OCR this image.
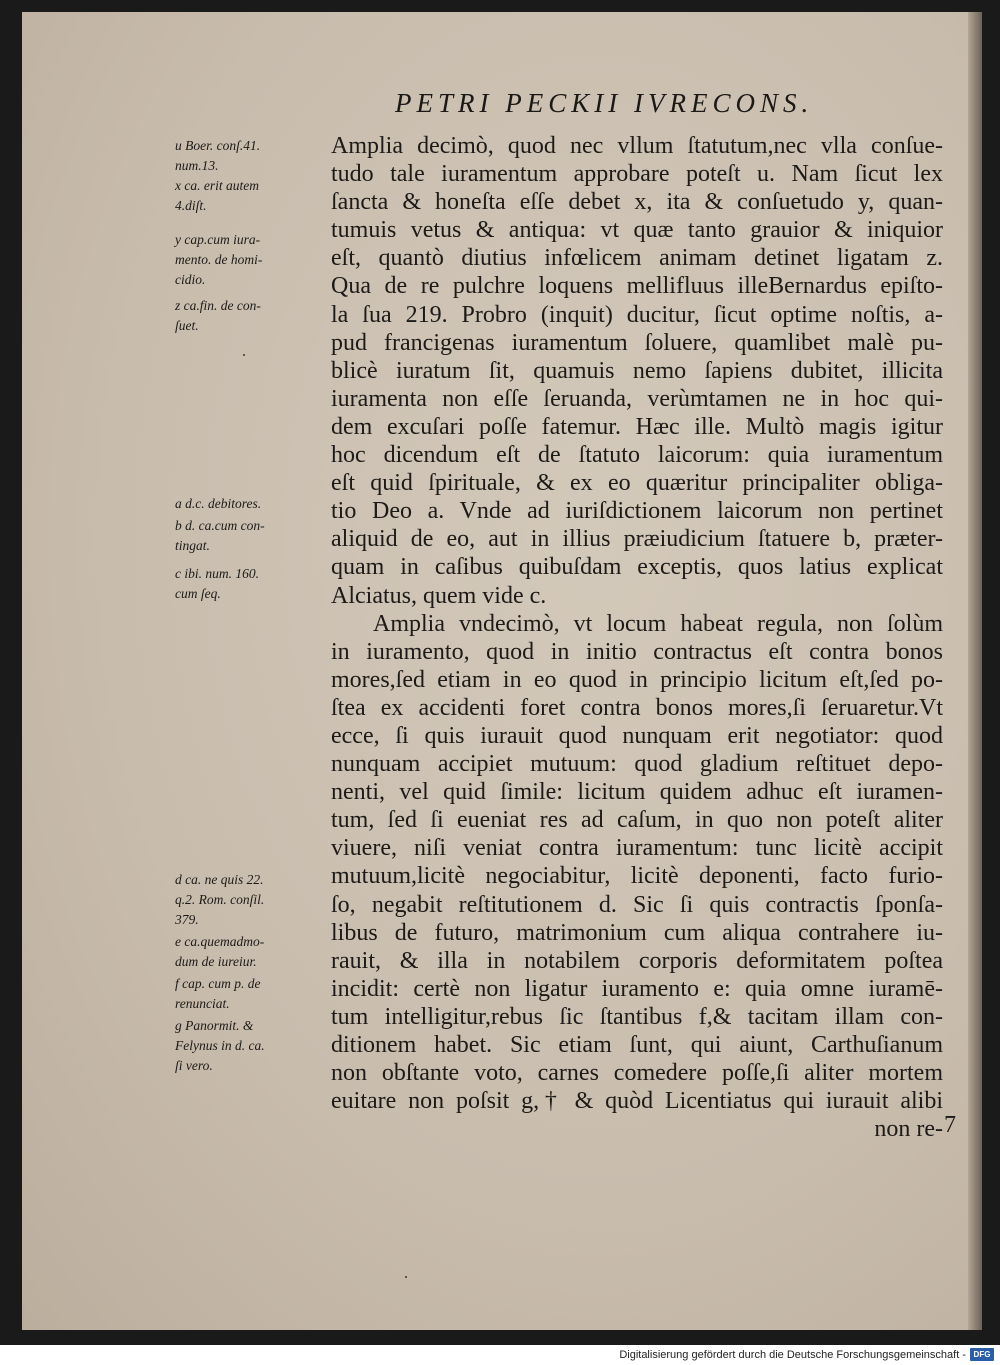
PETRI PECKII IVRECONS.
Amplia decimò, quod nec vllum ſtatutum,nec vlla conſue-
tudo tale iuramentum approbare poteſt u. Nam ſicut lex
ſancta & honeſta eſſe debet x, ita & conſuetudo y, quan-
tumuis vetus & antiqua: vt quæ tanto grauior & iniquior
eſt, quantò diutius infœlicem animam detinet ligatam z.
Qua de re pulchre loquens mellifluus illeBernardus epiſto-
la ſua 219. Probro (inquit) ducitur, ſicut optime noſtis, a-
pud francigenas iuramentum ſoluere, quamlibet malè pu-
blicè iuratum ſit, quamuis nemo ſapiens dubitet, illicita
iuramenta non eſſe ſeruanda, verùmtamen ne in hoc qui-
dem excuſari poſſe fatemur. Hæc ille. Multò magis igitur
hoc dicendum eſt de ſtatuto laicorum: quia iuramentum
eſt quid ſpirituale, & ex eo quæritur principaliter obliga-
tio Deo a. Vnde ad iuriſdictionem laicorum non pertinet
aliquid de eo, aut in illius præiudicium ſtatuere b, præter-
quam in caſibus quibuſdam exceptis, quos latius explicat
Alciatus, quem vide c.
Amplia vndecimò, vt locum habeat regula, non ſolùm
in iuramento, quod in initio contractus eſt contra bonos
mores,ſed etiam in eo quod in principio licitum eſt,ſed po-
ſtea ex accidenti foret contra bonos mores,ſi ſeruaretur.Vt
ecce, ſi quis iurauit quod nunquam erit negotiator: quod
nunquam accipiet mutuum: quod gladium reſtituet depo-
nenti, vel quid ſimile: licitum quidem adhuc eſt iuramen-
tum, ſed ſi eueniat res ad caſum, in quo non poteſt aliter
viuere, niſi veniat contra iuramentum: tunc licitè accipit
mutuum,licitè negociabitur, licitè deponenti, facto furio-
ſo, negabit reſtitutionem d. Sic ſi quis contractis ſponſa-
libus de futuro, matrimonium cum aliqua contrahere iu-
rauit, & illa in notabilem corporis deformitatem poſtea
incidit: certè non ligatur iuramento e: quia omne iuramē-
tum intelligitur,rebus ſic ſtantibus f,& tacitam illam con-
ditionem habet. Sic etiam ſunt, qui aiunt, Carthuſianum
non obſtante voto, carnes comedere poſſe,ſi aliter mortem
euitare non poſsit g,† & quòd Licentiatus qui iurauit alibi
non re-
u Boer. conſ.41.
num.13.
x ca. erit autem
4.diſt.
y cap.cum iura-
mento. de homi-
cidio.
z ca.fin. de con-
ſuet.
a d.c. debitores.
b d. ca.cum con-
tingat.
c ibi. num. 160.
cum ſeq.
d ca. ne quis 22.
q.2. Rom. conſil.
379.
e ca.quemadmo-
dum de iureiur.
f cap. cum p. de
renunciat.
g Panormit. &
Felynus in d. ca.
ſi vero.
7
Digitalisierung gefördert durch die Deutsche Forschungsgemeinschaft - DFG
